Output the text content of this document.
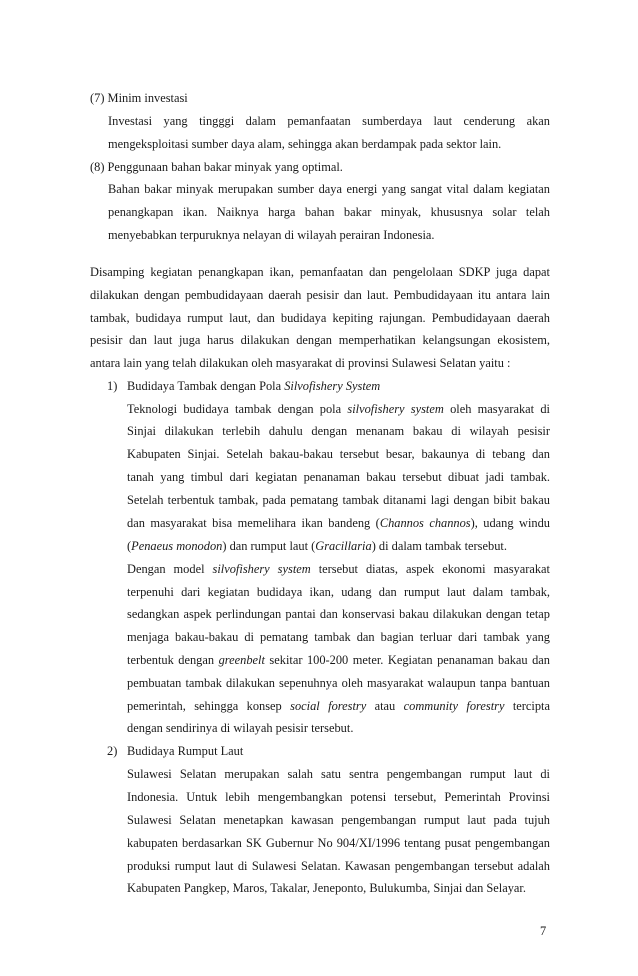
(7) Minim investasi
Investasi yang tingggi dalam pemanfaatan sumberdaya laut cenderung akan
mengeksploitasi sumber daya alam, sehingga akan berdampak pada sektor lain.
(8) Penggunaan bahan bakar minyak yang optimal.
Bahan bakar minyak merupakan sumber daya energi yang sangat vital dalam kegiatan
penangkapan ikan. Naiknya harga bahan bakar minyak, khususnya solar telah
menyebabkan terpuruknya nelayan di wilayah perairan Indonesia.
Disamping kegiatan penangkapan ikan, pemanfaatan dan pengelolaan SDKP juga dapat
dilakukan dengan pembudidayaan daerah pesisir dan laut. Pembudidayaan itu antara lain
tambak, budidaya rumput laut, dan budidaya kepiting rajungan. Pembudidayaan daerah
pesisir dan laut juga harus dilakukan dengan memperhatikan kelangsungan ekosistem,
antara lain yang telah dilakukan oleh masyarakat di provinsi Sulawesi Selatan yaitu :
1) Budidaya Tambak dengan Pola Silvofishery System
Teknologi budidaya tambak dengan pola silvofishery system oleh masyarakat di
Sinjai dilakukan terlebih dahulu dengan menanam bakau di wilayah pesisir
Kabupaten Sinjai. Setelah bakau-bakau tersebut besar, bakaunya di tebang dan
tanah yang timbul dari kegiatan penanaman bakau tersebut dibuat jadi tambak.
Setelah terbentuk tambak, pada pematang tambak ditanami lagi dengan bibit bakau
dan masyarakat bisa memelihara ikan bandeng (Channos channos), udang windu
(Penaeus monodon) dan rumput laut (Gracillaria) di dalam tambak tersebut.
Dengan model silvofishery system tersebut diatas, aspek ekonomi masyarakat
terpenuhi dari kegiatan budidaya ikan, udang dan rumput laut dalam tambak,
sedangkan aspek perlindungan pantai dan konservasi bakau dilakukan dengan tetap
menjaga bakau-bakau di pematang tambak dan bagian terluar dari tambak yang
terbentuk dengan greenbelt sekitar 100-200 meter. Kegiatan penanaman bakau dan
pembuatan tambak dilakukan sepenuhnya oleh masyarakat walaupun tanpa bantuan
pemerintah, sehingga konsep social forestry atau community forestry tercipta
dengan sendirinya di wilayah pesisir tersebut.
2) Budidaya Rumput Laut
Sulawesi Selatan merupakan salah satu sentra pengembangan rumput laut di
Indonesia. Untuk lebih mengembangkan potensi tersebut, Pemerintah Provinsi
Sulawesi Selatan menetapkan kawasan pengembangan rumput laut pada tujuh
kabupaten berdasarkan SK Gubernur No 904/XI/1996 tentang pusat pengembangan
produksi rumput laut di Sulawesi Selatan. Kawasan pengembangan tersebut adalah
Kabupaten Pangkep, Maros, Takalar, Jeneponto, Bulukumba, Sinjai dan Selayar.
7
